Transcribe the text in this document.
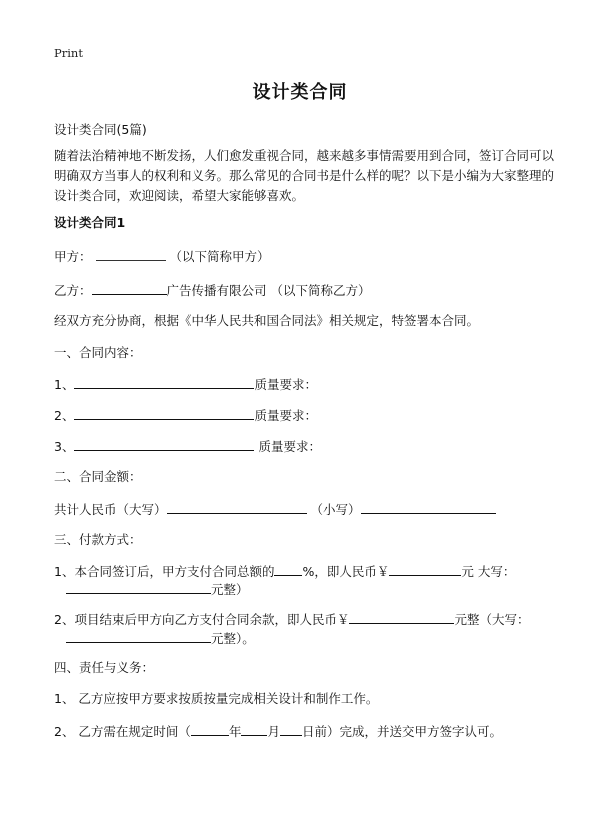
Print
设计类合同
设计类合同(5篇)
随着法治精神地不断发扬，人们愈发重视合同，越来越多事情需要用到合同，签订合同可以明确双方当事人的权利和义务。那么常见的合同书是什么样的呢？以下是小编为大家整理的设计类合同，欢迎阅读，希望大家能够喜欢。
设计类合同1
甲方：	（以下简称甲方）
乙方：	广告传播有限公司 （以下简称乙方）
经双方充分协商，根据《中华人民共和国合同法》相关规定，特签署本合同。
一、合同内容：
1、	质量要求：
2、	质量要求：
3、	质量要求：
二、合同金额：
共计人民币（大写）	（小写）
三、付款方式：
1、本合同签订后，甲方支付合同总额的 %，即人民币￥	元 大写：
元整）
2、项目结束后甲方向乙方支付合同余款，即人民币￥	元整（大写：
元整）。
四、责任与义务：
1、 乙方应按甲方要求按质按量完成相关设计和制作工作。
2、 乙方需在规定时间（	年 月 日前）完成，并送交甲方签字认可。
